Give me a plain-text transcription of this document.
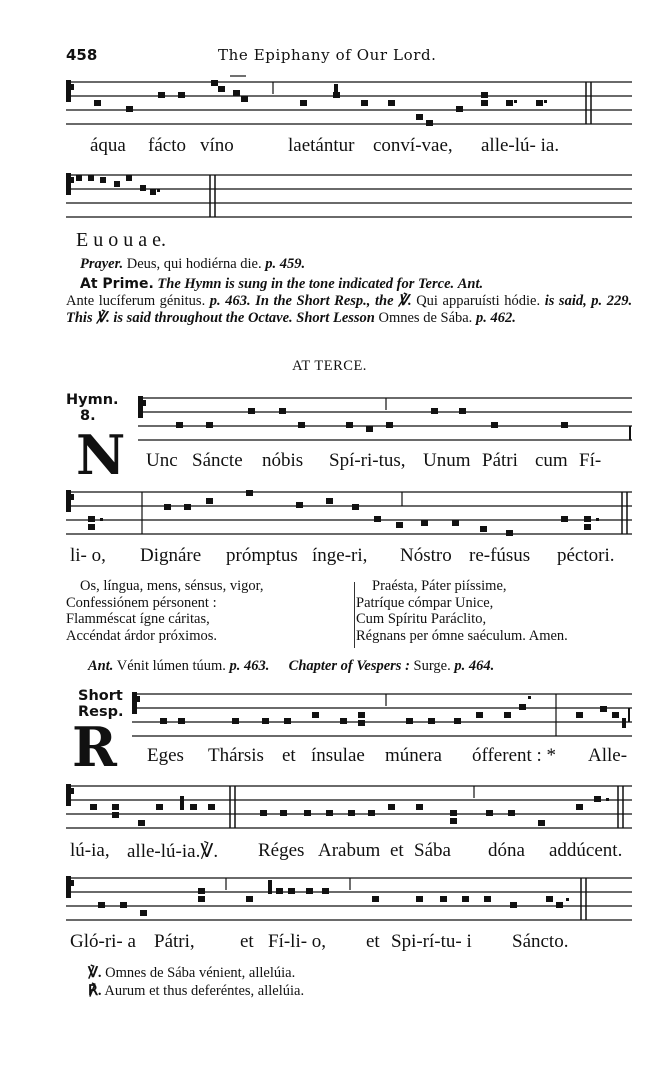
458	The Epiphany of Our Lord.
áqua fácto víno	laetántur conví-vae, alle-lú- ia.
E u o u a e.

Prayer. Deus, qui hodiérna die. p. 459.

At Prime. The Hymn is sung in the tone indicated for Terce. Ant.

Ante lucíferum génitus. p. 463. In the Short Resp., the ℣. Qui apparuísti hódie. is said, p. 229. This ℣. is said throughout the Octave. Short Lesson Omnes de Sába. p. 462.

AT TERCE.
Hymn.
8.
N Unc Sáncte nóbis Spí-ri-tus, Unum Pátri cum Fí-
li- o, Dignáre prómptus ínge-ri, Nóstro re-fúsus péctori.
Os, língua, mens, sénsus, vigor,
Confessiónem pérsonent :
Flamméscat ígne cáritas,
Accéndat árdor próximos.
Praésta, Páter piíssime,
Patríque cómpar Unice,
Cum Spíritu Paráclito,
Régnans per ómne saéculum. Amen.
Ant. Vénit lúmen túum. p. 463. Chapter of Vespers : Surge. p. 464.
Short
Resp.
R Eges Thársis et ínsulae múnera ófferent : * Alle-
lú-ia, alle-lú-ia.℣. Réges Arabum et Sába dóna addúcent.
Gló-ri- a Pátri, et Fí-li- o, et Spi-rí-tu- i Sáncto.
℣. Omnes de Sába vénient, allelúia.
℟. Aurum et thus deferéntes, allelúia.
